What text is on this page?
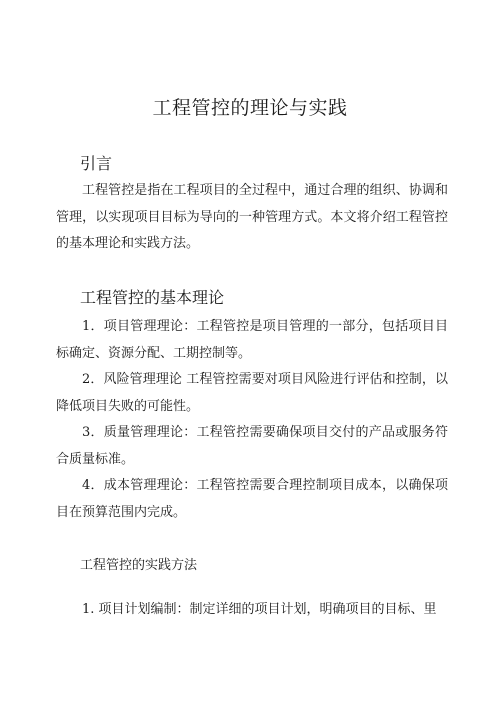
工程管控的理论与实践
引言

工程管控是指在工程项目的全过程中，通过合理的组织、协调和管理，以实现项目目标为导向的一种管理方式。本文将介绍工程管控的基本理论和实践方法。

工程管控的基本理论

1．项目管理理论：工程管控是项目管理的一部分，包括项目目标确定、资源分配、工期控制等。

2．风险管理理论 工程管控需要对项目风险进行评估和控制，以降低项目失败的可能性。

3．质量管理理论：工程管控需要确保项目交付的产品或服务符合质量标准。

4．成本管理理论：工程管控需要合理控制项目成本，以确保项目在预算范围内完成。

工程管控的实践方法

1. 项目计划编制：制定详细的项目计划，明确项目的目标、里
